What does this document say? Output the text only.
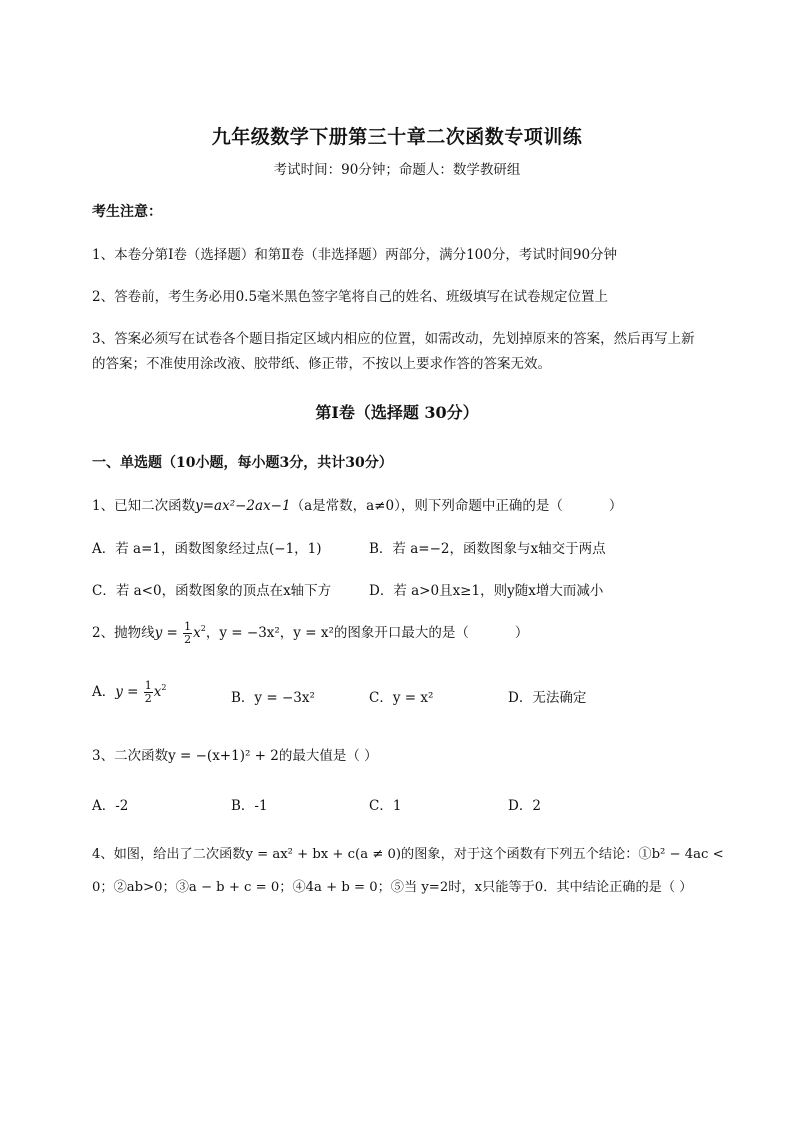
九年级数学下册第三十章二次函数专项训练
考试时间：90分钟；命题人：数学教研组
考生注意：
1、本卷分第I卷（选择题）和第Ⅱ卷（非选择题）两部分，满分100分，考试时间90分钟
2、答卷前，考生务必用0.5毫米黑色签字笔将自己的姓名、班级填写在试卷规定位置上
3、答案必须写在试卷各个题目指定区域内相应的位置，如需改动，先划掉原来的答案，然后再写上新
的答案；不准使用涂改液、胶带纸、修正带，不按以上要求作答的答案无效。
第I卷（选择题 30分）
一、单选题（10小题，每小题3分，共计30分）
1、已知二次函数y=ax²−2ax−1（a是常数，a≠0），则下列命题中正确的是（	）
A．若 a=1，函数图象经过点(−1，1)	B．若 a=−2，函数图象与x轴交于两点
C．若 a<0，函数图象的顶点在x轴下方	D．若 a>0且x≥1，则y随x增大而减小
2、抛物线$y = \frac{1}{2} x^2$，y = −3x²，y = x²的图象开口最大的是（	）
A．$y = \frac{1}{2} x^2$
B．y = −3x²	C．y = x²	D．无法确定
3、二次函数y = −(x+1)² + 2的最大值是（ ）
A．-2	B．-1	C．1	D．2
4、如图，给出了二次函数y = ax² + bx + c(a ≠ 0)的图象，对于这个函数有下列五个结论：①b² − 4ac <
0；②ab>0；③a − b + c = 0；④4a + b = 0；⑤当 y=2时，x只能等于0．其中结论正确的是（ ）
